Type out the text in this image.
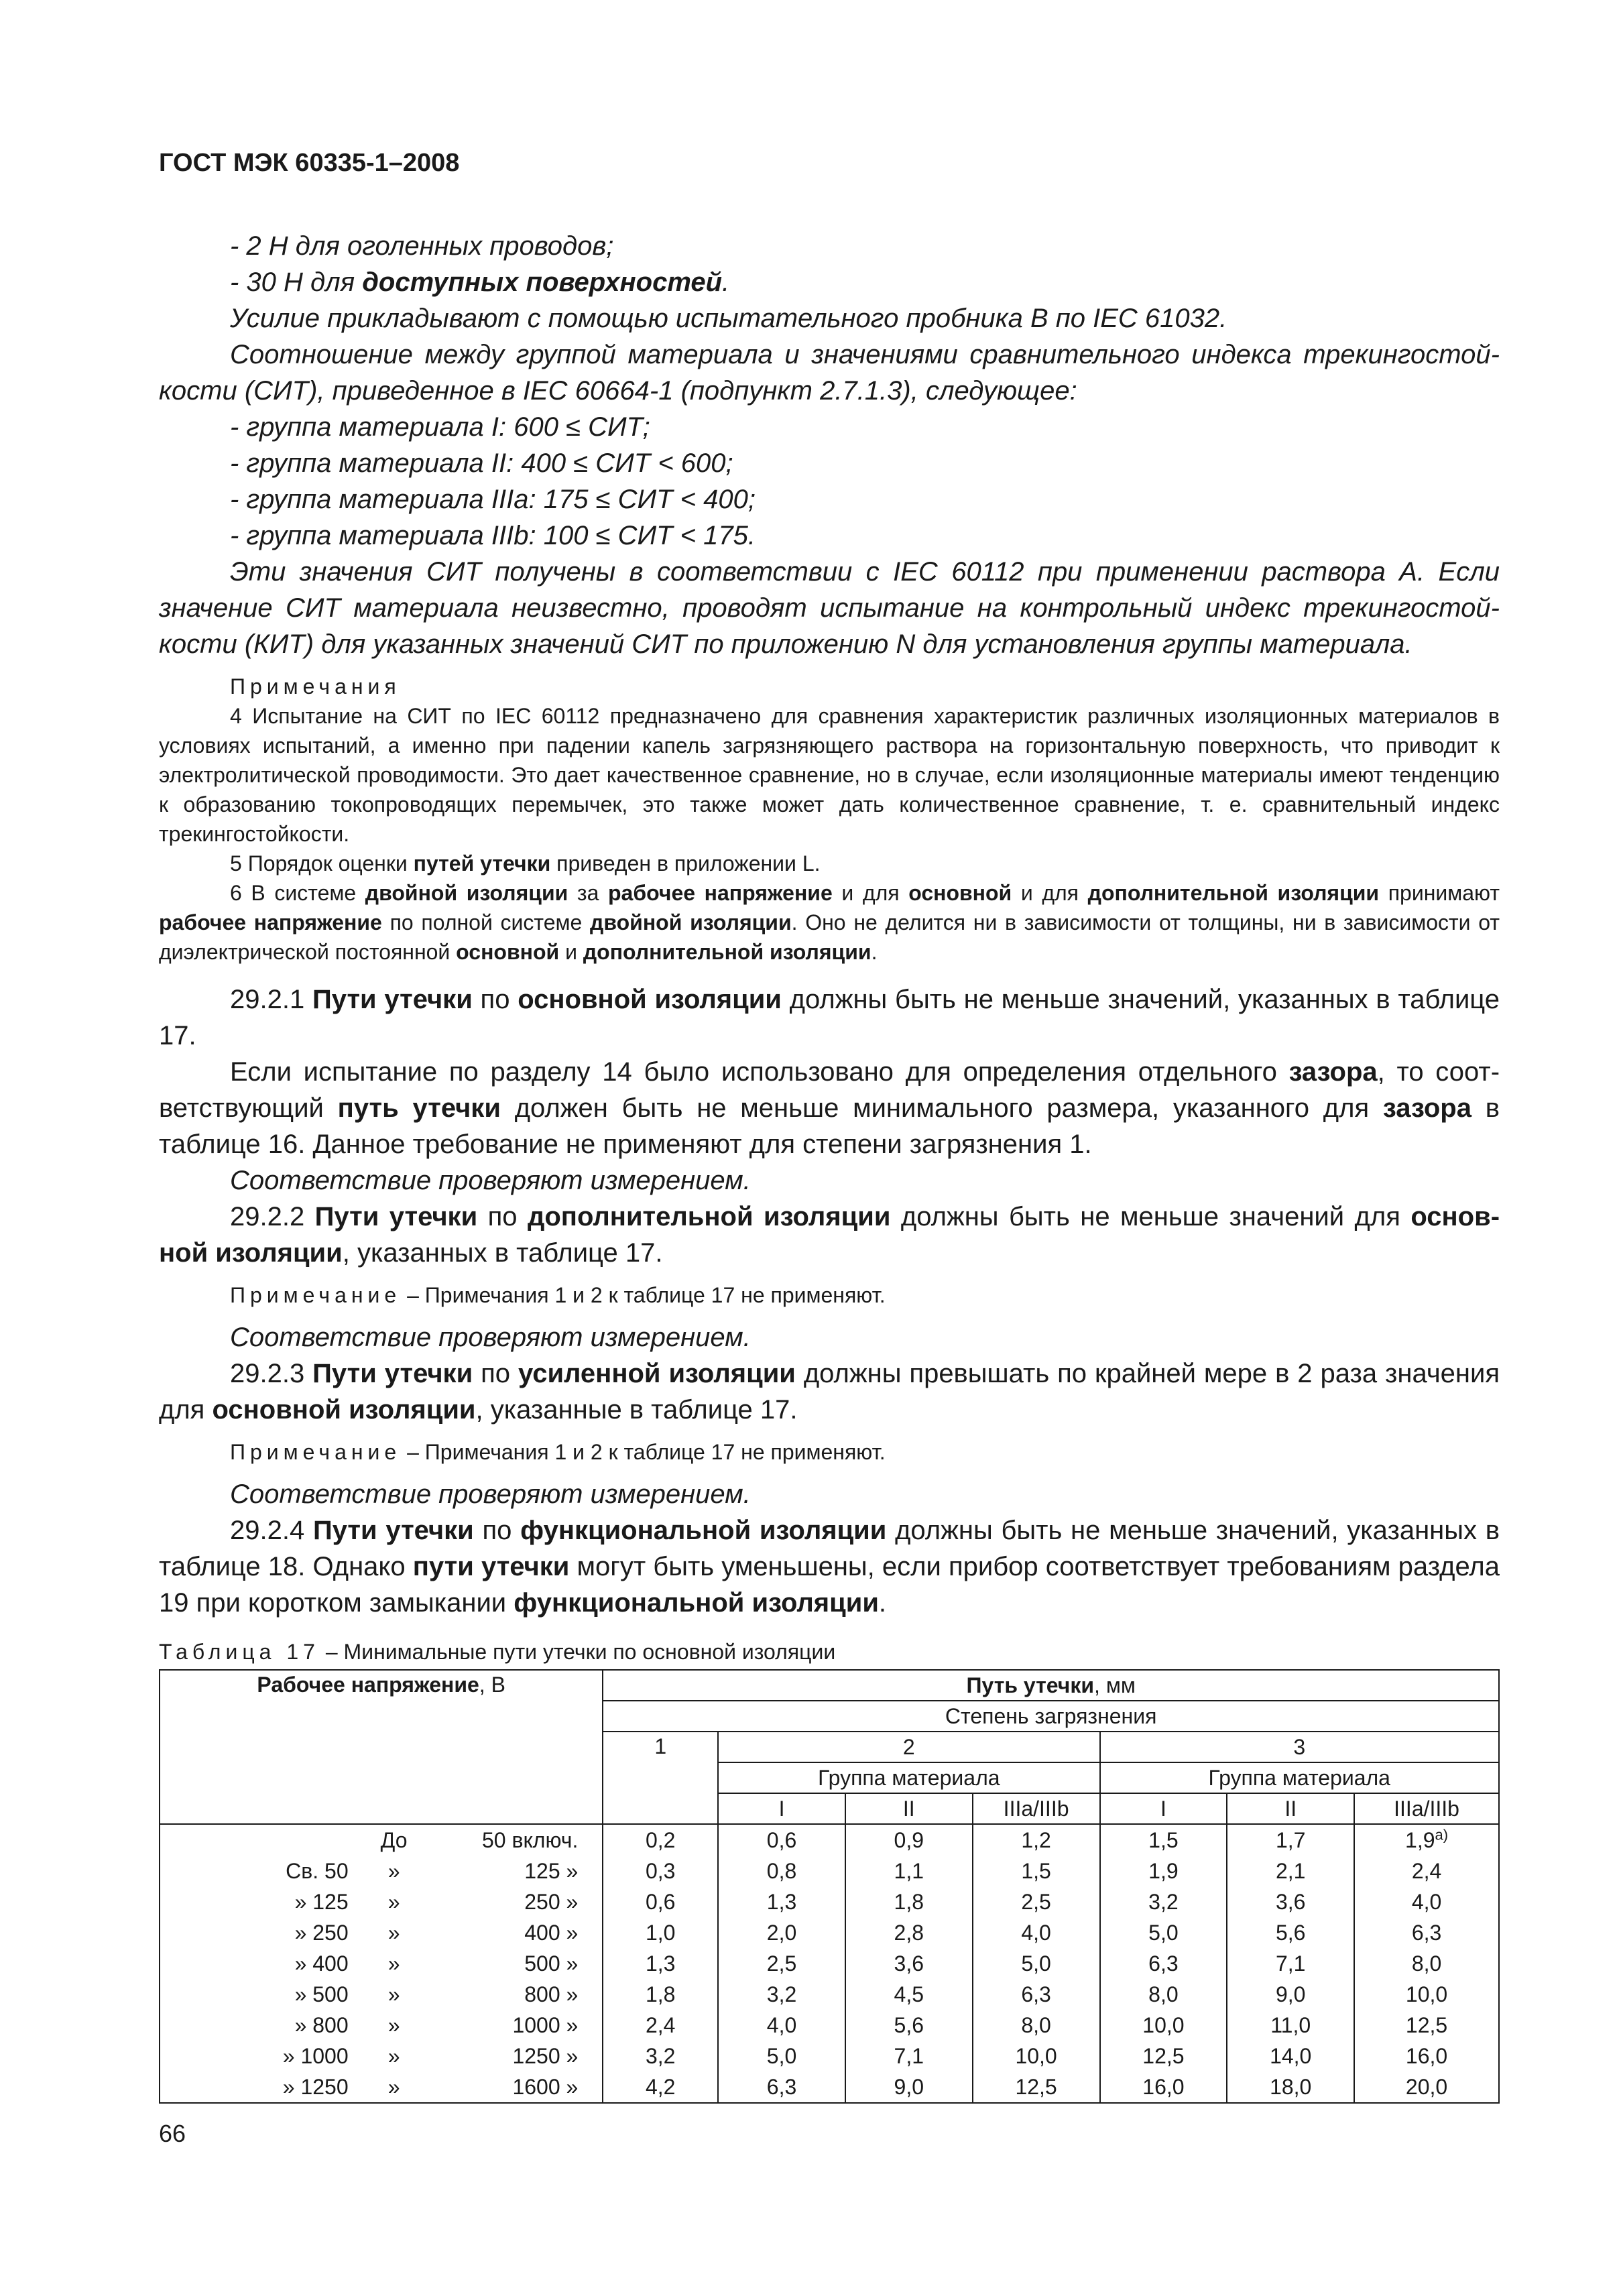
ГОСТ МЭК 60335-1–2008

- 2 Н для оголенных проводов;

- 30 Н для доступных поверхностей.

Усилие прикладывают с помощью испытательного пробника В по IEC 61032.

Соотношение между группой материала и значениями сравнительного индекса трекингостойкости (СИТ), приведенное в IEC 60664-1 (подпункт 2.7.1.3), следующее:

- группа материала I: 600 ≤ СИТ;

- группа материала II: 400 ≤ СИТ < 600;

- группа материала IIIa: 175 ≤ СИТ < 400;

- группа материала IIIb: 100 ≤ СИТ < 175.

Эти значения СИТ получены в соответствии с IEC 60112 при применении раствора А. Если значение СИТ материала неизвестно, проводят испытание на контрольный индекс трекингостойкости (КИТ) для указанных значений СИТ по приложению N для установления группы материала.

Примечания

4 Испытание на СИТ по IEC 60112 предназначено для сравнения характеристик различных изоляционных материалов в условиях испытаний, а именно при падении капель загрязняющего раствора на горизонтальную поверхность, что приводит к электролитической проводимости. Это дает качественное сравнение, но в случае, если изоляционные материалы имеют тенденцию к образованию токопроводящих перемычек, это также может дать количественное сравнение, т. е. сравнительный индекс трекингостойкости.

5 Порядок оценки путей утечки приведен в приложении L.

6 В системе двойной изоляции за рабочее напряжение и для основной и для дополнительной изоляции принимают рабочее напряжение по полной системе двойной изоляции. Оно не делится ни в зависимости от толщины, ни в зависимости от диэлектрической постоянной основной и дополнительной изоляции.

29.2.1 Пути утечки по основной изоляции должны быть не меньше значений, указанных в таблице 17.

Если испытание по разделу 14 было использовано для определения отдельного зазора, то соответствующий путь утечки должен быть не меньше минимального размера, указанного для зазора в таблице 16. Данное требование не применяют для степени загрязнения 1.

Соответствие проверяют измерением.

29.2.2 Пути утечки по дополнительной изоляции должны быть не меньше значений для основной изоляции, указанных в таблице 17.

Примечание – Примечания 1 и 2 к таблице 17 не применяют.

Соответствие проверяют измерением.

29.2.3 Пути утечки по усиленной изоляции должны превышать по крайней мере в 2 раза значения для основной изоляции, указанные в таблице 17.

Примечание – Примечания 1 и 2 к таблице 17 не применяют.

Соответствие проверяют измерением.

29.2.4 Пути утечки по функциональной изоляции должны быть не меньше значений, указанных в таблице 18. Однако пути утечки могут быть уменьшены, если прибор соответствует требованиям раздела 19 при коротком замыкании функциональной изоляции.

Таблица 17 – Минимальные пути утечки по основной изоляции

Рабочее напряжение, В			Путь утечки, мм						
			Степень загрязнения						
			1	2			3		
				Группа материала			Группа материала		
				I	II	IIIa/IIIb	I	II	IIIa/IIIb
	До	50 включ.	0,2	0,6	0,9	1,2	1,5	1,7	1,9$^{a)}$
Св. 50	»	125 »	0,3	0,8	1,1	1,5	1,9	2,1	2,4
» 125	»	250 »	0,6	1,3	1,8	2,5	3,2	3,6	4,0
» 250	»	400 »	1,0	2,0	2,8	4,0	5,0	5,6	6,3
» 400	»	500 »	1,3	2,5	3,6	5,0	6,3	7,1	8,0
» 500	»	800 »	1,8	3,2	4,5	6,3	8,0	9,0	10,0
» 800	»	1000 »	2,4	4,0	5,6	8,0	10,0	11,0	12,5
» 1000	»	1250 »	3,2	5,0	7,1	10,0	12,5	14,0	16,0
» 1250	»	1600 »	4,2	6,3	9,0	12,5	16,0	18,0	20,0
66
